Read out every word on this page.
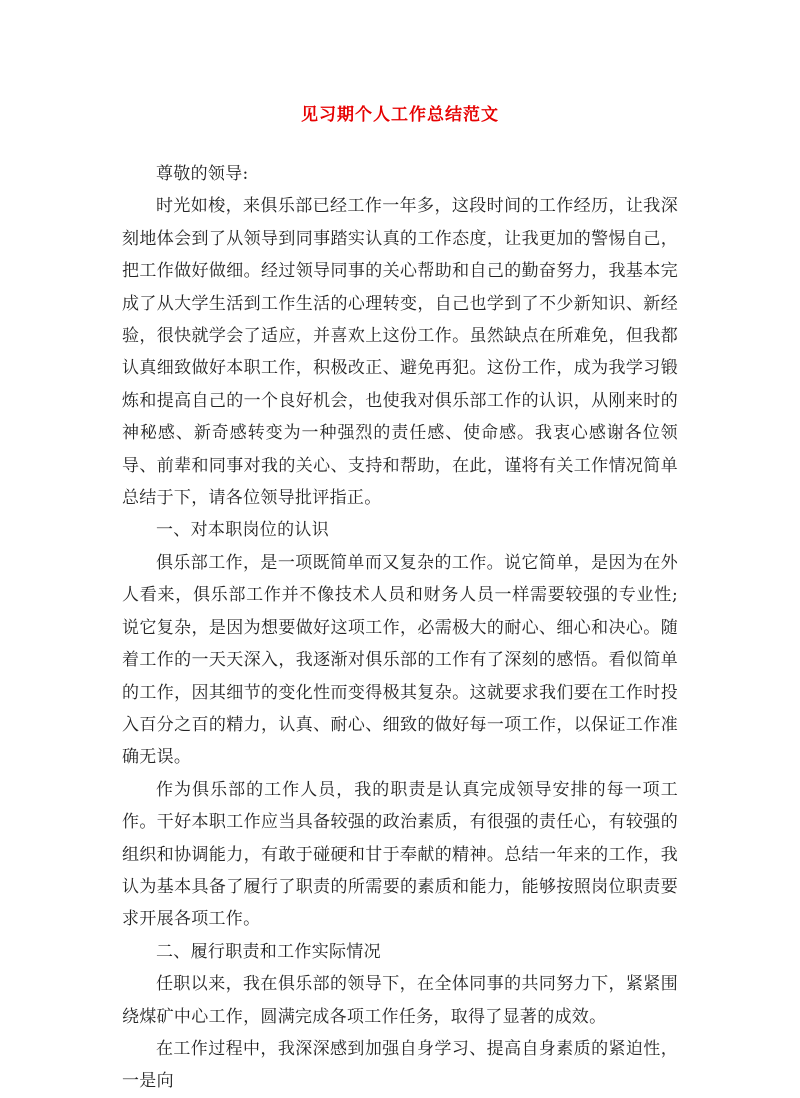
见习期个人工作总结范文

尊敬的领导:

时光如梭，来俱乐部已经工作一年多，这段时间的工作经历，让我深刻地体会到了从领导到同事踏实认真的工作态度，让我更加的警惕自己，把工作做好做细。经过领导同事的关心帮助和自己的勤奋努力，我基本完成了从大学生活到工作生活的心理转变，自己也学到了不少新知识、新经验，很快就学会了适应，并喜欢上这份工作。虽然缺点在所难免，但我都认真细致做好本职工作，积极改正、避免再犯。这份工作，成为我学习锻炼和提高自己的一个良好机会，也使我对俱乐部工作的认识，从刚来时的神秘感、新奇感转变为一种强烈的责任感、使命感。我衷心感谢各位领导、前辈和同事对我的关心、支持和帮助，在此，谨将有关工作情况简单总结于下，请各位领导批评指正。

一、对本职岗位的认识

俱乐部工作，是一项既简单而又复杂的工作。说它简单，是因为在外人看来，俱乐部工作并不像技术人员和财务人员一样需要较强的专业性;说它复杂，是因为想要做好这项工作，必需极大的耐心、细心和决心。随着工作的一天天深入，我逐渐对俱乐部的工作有了深刻的感悟。看似简单的工作，因其细节的变化性而变得极其复杂。这就要求我们要在工作时投入百分之百的精力，认真、耐心、细致的做好每一项工作，以保证工作准确无误。

作为俱乐部的工作人员，我的职责是认真完成领导安排的每一项工作。干好本职工作应当具备较强的政治素质，有很强的责任心，有较强的组织和协调能力，有敢于碰硬和甘于奉献的精神。总结一年来的工作，我认为基本具备了履行了职责的所需要的素质和能力，能够按照岗位职责要求开展各项工作。

二、履行职责和工作实际情况

任职以来，我在俱乐部的领导下，在全体同事的共同努力下，紧紧围绕煤矿中心工作，圆满完成各项工作任务，取得了显著的成效。

在工作过程中，我深深感到加强自身学习、提高自身素质的紧迫性，一是向
